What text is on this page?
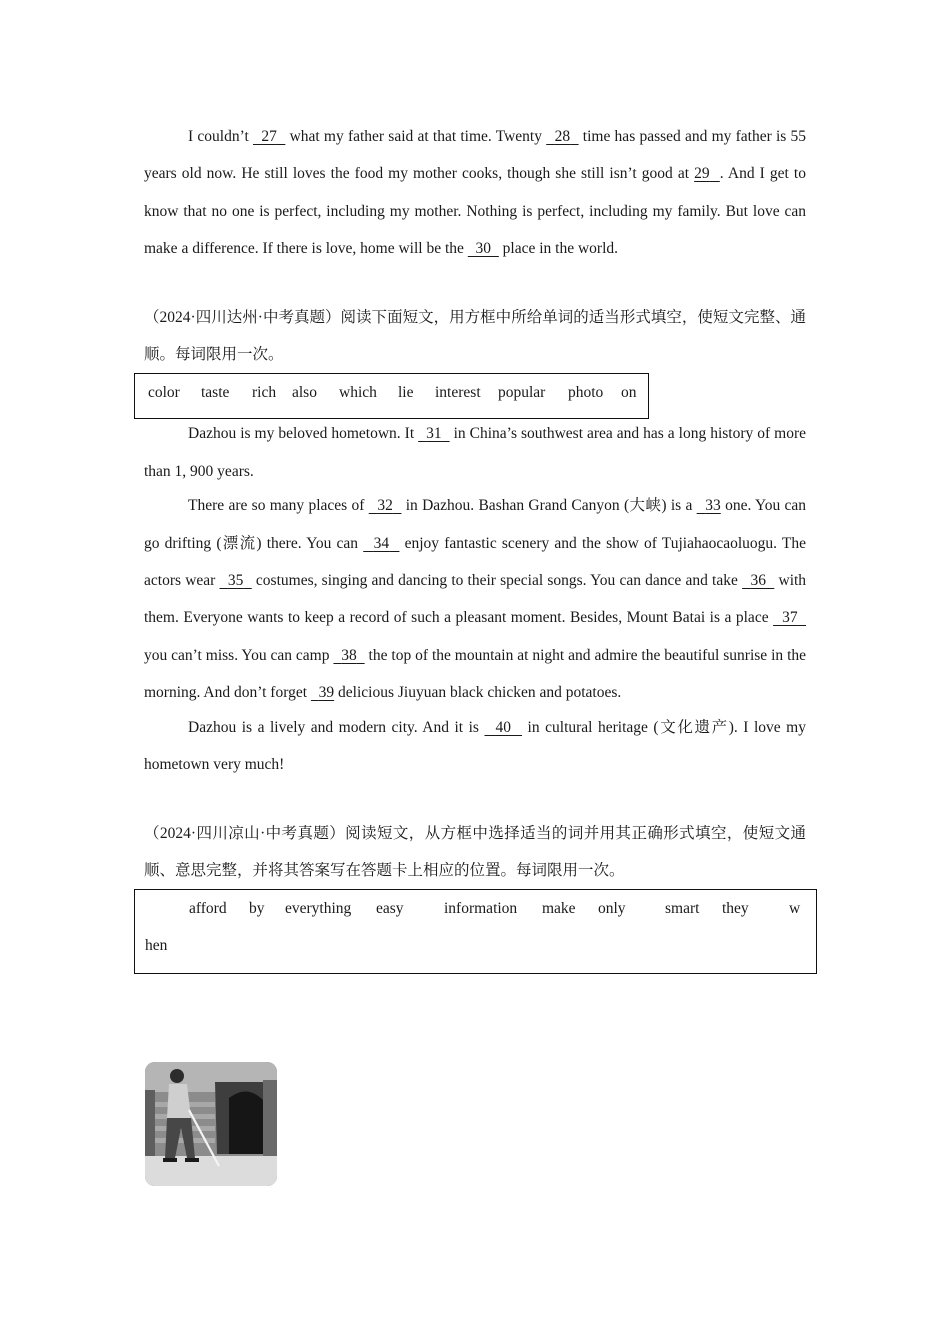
I couldn’t   27   what my father said at that time. Twenty   28   time has passed and my father is 55 years old now. He still loves the food my mother cooks, though she still isn’t good at 29 . And I get to know that no one is perfect, including my mother. Nothing is perfect, including my family. But love can make a difference. If there is love, home will be the   30   place in the world.

（2024·四川达州·中考真题）阅读下面短文，用方框中所给单词的适当形式填空，使短文完整、通顺。每词限用一次。

color taste rich also which lie interest popular photo on

Dazhou is my beloved hometown. It   31   in China’s southwest area and has a long history of more than 1, 900 years.

There are so many places of   32   in Dazhou. Bashan Grand Canyon (大峡) is a   33 one. You can go drifting (漂流) there. You can   34   enjoy fantastic scenery and the show of Tujiahaocaoluogu. The actors wear   35   costumes, singing and dancing to their special songs. You can dance and take   36   with them. Everyone wants to keep a record of such a pleasant moment. Besides, Mount Batai is a place   37   you can’t miss. You can camp   38   the top of the mountain at night and admire the beautiful sunrise in the morning. And don’t forget   39 delicious Jiuyuan black chicken and potatoes.

Dazhou is a lively and modern city. And it is   40   in cultural heritage (文化遗产). I love my hometown very much!

（2024·四川凉山·中考真题）阅读短文，从方框中选择适当的词并用其正确形式填空，使短文通顺、意思完整，并将其答案写在答题卡上相应的位置。每词限用一次。

afford by everything easy	information make only	smart they	w
hen
